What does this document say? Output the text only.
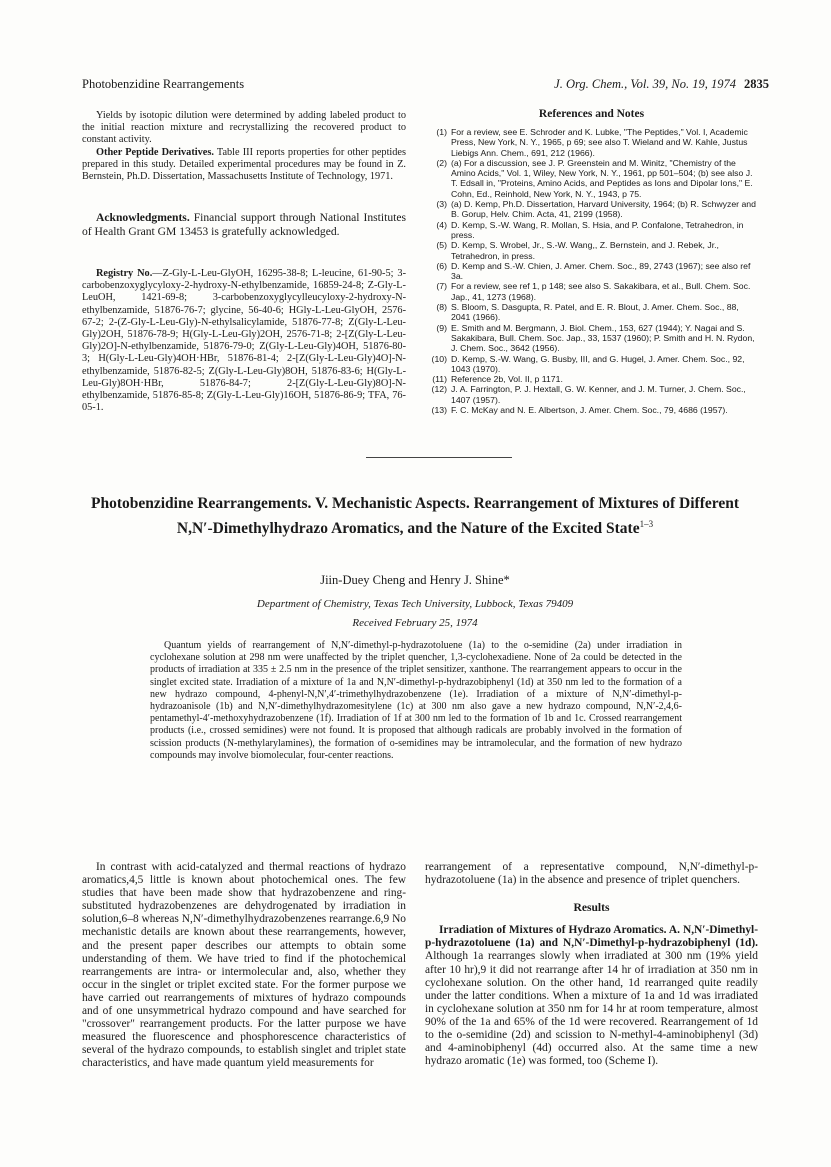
Photobenzidine Rearrangements	J. Org. Chem., Vol. 39, No. 19, 1974 2835

Yields by isotopic dilution were determined by adding labeled product to the initial reaction mixture and recrystallizing the recovered product to constant activity.

Other Peptide Derivatives. Table III reports properties for other peptides prepared in this study. Detailed experimental procedures may be found in Z. Bernstein, Ph.D. Dissertation, Massachusetts Institute of Technology, 1971.

Acknowledgments. Financial support through National Institutes of Health Grant GM 13453 is gratefully acknowledged.

Registry No.—Z-Gly-L-Leu-GlyOH, 16295-38-8; L-leucine, 61-90-5; 3-carbobenzoxyglycyloxy-2-hydroxy-N-ethylbenzamide, 16859-24-8; Z-Gly-L-LeuOH, 1421-69-8; 3-carbobenzoxyglycylleucyloxy-2-hydroxy-N-ethylbenzamide, 51876-76-7; glycine, 56-40-6; HGly-L-Leu-GlyOH, 2576-67-2; 2-(Z-Gly-L-Leu-Gly)-N-ethylsalicylamide, 51876-77-8; Z(Gly-L-Leu-Gly)2OH, 51876-78-9; H(Gly-L-Leu-Gly)2OH, 2576-71-8; 2-[Z(Gly-L-Leu-Gly)2O]-N-ethylbenzamide, 51876-79-0; Z(Gly-L-Leu-Gly)4OH, 51876-80-3; H(Gly-L-Leu-Gly)4OH·HBr, 51876-81-4; 2-[Z(Gly-L-Leu-Gly)4O]-N-ethylbenzamide, 51876-82-5; Z(Gly-L-Leu-Gly)8OH, 51876-83-6; H(Gly-L-Leu-Gly)8OH·HBr, 51876-84-7; 2-[Z(Gly-L-Leu-Gly)8O]-N-ethylbenzamide, 51876-85-8; Z(Gly-L-Leu-Gly)16OH, 51876-86-9; TFA, 76-05-1.

References and Notes
(1) For a review, see E. Schroder and K. Lubke, "The Peptides," Vol. I, Academic Press, New York, N. Y., 1965, p 69; see also T. Wieland and W. Kahle, Justus Liebigs Ann. Chem., 691, 212 (1966).
(2) (a) For a discussion, see J. P. Greenstein and M. Winitz, "Chemistry of the Amino Acids," Vol. 1, Wiley, New York, N. Y., 1961, pp 501–504; (b) see also J. T. Edsall in, "Proteins, Amino Acids, and Peptides as Ions and Dipolar Ions," E. Cohn, Ed., Reinhold, New York, N. Y., 1943, p 75.
(3) (a) D. Kemp, Ph.D. Dissertation, Harvard University, 1964; (b) R. Schwyzer and B. Gorup, Helv. Chim. Acta, 41, 2199 (1958).
(4) D. Kemp, S.-W. Wang, R. Mollan, S. Hsia, and P. Confalone, Tetrahedron, in press.
(5) D. Kemp, S. Wrobel, Jr., S.-W. Wang,, Z. Bernstein, and J. Rebek, Jr., Tetrahedron, in press.
(6) D. Kemp and S.-W. Chien, J. Amer. Chem. Soc., 89, 2743 (1967); see also ref 3a.
(7) For a review, see ref 1, p 148; see also S. Sakakibara, et al., Bull. Chem. Soc. Jap., 41, 1273 (1968).
(8) S. Bloom, S. Dasgupta, R. Patel, and E. R. Blout, J. Amer. Chem. Soc., 88, 2041 (1966).
(9) E. Smith and M. Bergmann, J. Biol. Chem., 153, 627 (1944); Y. Nagai and S. Sakakibara, Bull. Chem. Soc. Jap., 33, 1537 (1960); P. Smith and H. N. Rydon, J. Chem. Soc., 3642 (1956).
(10) D. Kemp, S.-W. Wang, G. Busby, III, and G. Hugel, J. Amer. Chem. Soc., 92, 1043 (1970).
(11) Reference 2b, Vol. II, p 1171.
(12) J. A. Farrington, P. J. Hextall, G. W. Kenner, and J. M. Turner, J. Chem. Soc., 1407 (1957).
(13) F. C. McKay and N. E. Albertson, J. Amer. Chem. Soc., 79, 4686 (1957).
Photobenzidine Rearrangements. V. Mechanistic Aspects. Rearrangement of Mixtures of Different N,N′-Dimethylhydrazo Aromatics, and the Nature of the Excited State$^{1-3}$
Jiin-Duey Cheng and Henry J. Shine*
Department of Chemistry, Texas Tech University, Lubbock, Texas 79409
Received February 25, 1974
Quantum yields of rearrangement of N,N′-dimethyl-p-hydrazotoluene (1a) to the o-semidine (2a) under irradiation in cyclohexane solution at 298 nm were unaffected by the triplet quencher, 1,3-cyclohexadiene. None of 2a could be detected in the products of irradiation at 335 ± 2.5 nm in the presence of the triplet sensitizer, xanthone. The rearrangement appears to occur in the singlet excited state. Irradiation of a mixture of 1a and N,N′-dimethyl-p-hydrazobiphenyl (1d) at 350 nm led to the formation of a new hydrazo compound, 4-phenyl-N,N′,4′-trimethylhydrazobenzene (1e). Irradiation of a mixture of N,N′-dimethyl-p-hydrazoanisole (1b) and N,N′-dimethylhydrazomesitylene (1c) at 300 nm also gave a new hydrazo compound, N,N′-2,4,6-pentamethyl-4′-methoxyhydrazobenzene (1f). Irradiation of 1f at 300 nm led to the formation of 1b and 1c. Crossed rearrangement products (i.e., crossed semidines) were not found. It is proposed that although radicals are probably involved in the formation of scission products (N-methylarylamines), the formation of o-semidines may be intramolecular, and the formation of new hydrazo compounds may involve biomolecular, four-center reactions.

In contrast with acid-catalyzed and thermal reactions of hydrazo aromatics,4,5 little is known about photochemical ones. The few studies that have been made show that hydrazobenzene and ring-substituted hydrazobenzenes are dehydrogenated by irradiation in solution,6–8 whereas N,N′-dimethylhydrazobenzenes rearrange.6,9 No mechanistic details are known about these rearrangements, however, and the present paper describes our attempts to obtain some understanding of them. We have tried to find if the photochemical rearrangements are intra- or intermolecular and, also, whether they occur in the singlet or triplet excited state. For the former purpose we have carried out rearrangements of mixtures of hydrazo compounds and of one unsymmetrical hydrazo compound and have searched for "crossover" rearrangement products. For the latter purpose we have measured the fluorescence and phosphorescence characteristics of several of the hydrazo compounds, to establish singlet and triplet state characteristics, and have made quantum yield measurements for

rearrangement of a representative compound, N,N′-dimethyl-p-hydrazotoluene (1a) in the absence and presence of triplet quenchers.

Results

Irradiation of Mixtures of Hydrazo Aromatics. A. N,N′-Dimethyl-p-hydrazotoluene (1a) and N,N′-Dimethyl-p-hydrazobiphenyl (1d). Although 1a rearranges slowly when irradiated at 300 nm (19% yield after 10 hr),9 it did not rearrange after 14 hr of irradiation at 350 nm in cyclohexane solution. On the other hand, 1d rearranged quite readily under the latter conditions. When a mixture of 1a and 1d was irradiated in cyclohexane solution at 350 nm for 14 hr at room temperature, almost 90% of the 1a and 65% of the 1d were recovered. Rearrangement of 1d to the o-semidine (2d) and scission to N-methyl-4-aminobiphenyl (3d) and 4-aminobiphenyl (4d) occurred also. At the same time a new hydrazo aromatic (1e) was formed, too (Scheme I).
